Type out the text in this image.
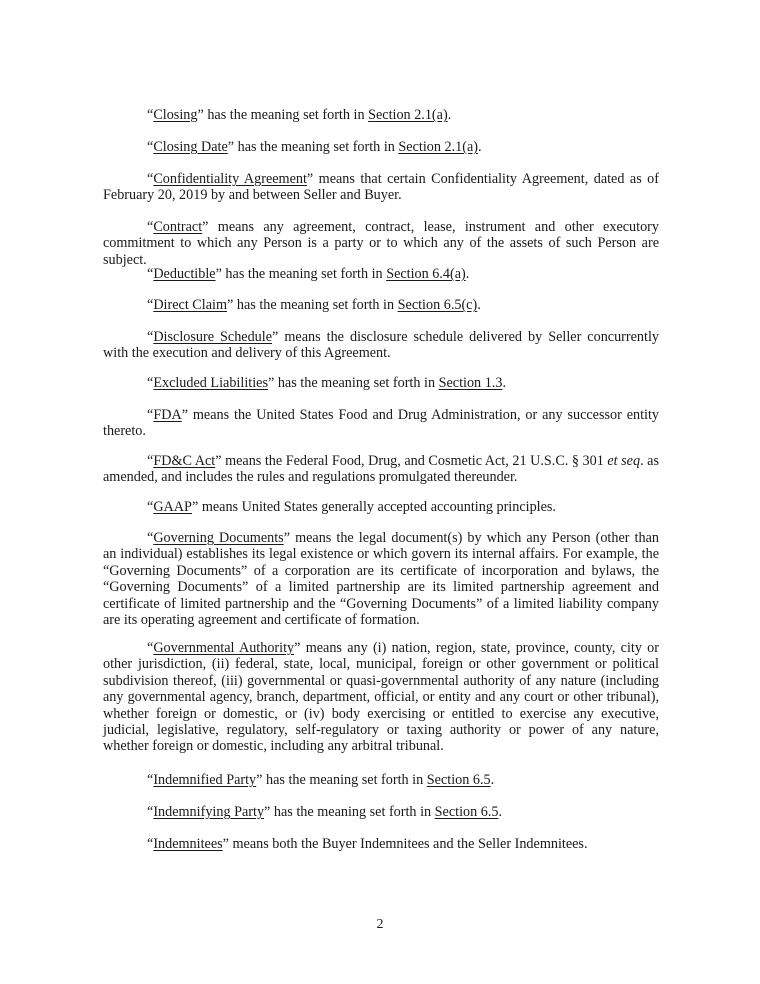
“Closing” has the meaning set forth in Section 2.1(a).

“Closing Date” has the meaning set forth in Section 2.1(a).

“Confidentiality Agreement” means that certain Confidentiality Agreement, dated as of February 20, 2019 by and between Seller and Buyer.

“Contract” means any agreement, contract, lease, instrument and other executory commitment to which any Person is a party or to which any of the assets of such Person are subject.

“Deductible” has the meaning set forth in Section 6.4(a).

“Direct Claim” has the meaning set forth in Section 6.5(c).

“Disclosure Schedule” means the disclosure schedule delivered by Seller concurrently with the execution and delivery of this Agreement.

“Excluded Liabilities” has the meaning set forth in Section 1.3.

“FDA” means the United States Food and Drug Administration, or any successor entity thereto.

“FD&C Act” means the Federal Food, Drug, and Cosmetic Act, 21 U.S.C. § 301 et seq. as amended, and includes the rules and regulations promulgated thereunder.

“GAAP” means United States generally accepted accounting principles.

“Governing Documents” means the legal document(s) by which any Person (other than an individual) establishes its legal existence or which govern its internal affairs. For example, the “Governing Documents” of a corporation are its certificate of incorporation and bylaws, the “Governing Documents” of a limited partnership are its limited partnership agreement and certificate of limited partnership and the “Governing Documents” of a limited liability company are its operating agreement and certificate of formation.

“Governmental Authority” means any (i) nation, region, state, province, county, city or other jurisdiction, (ii) federal, state, local, municipal, foreign or other government or political subdivision thereof, (iii) governmental or quasi-governmental authority of any nature (including any governmental agency, branch, department, official, or entity and any court or other tribunal), whether foreign or domestic, or (iv) body exercising or entitled to exercise any executive, judicial, legislative, regulatory, self-regulatory or taxing authority or power of any nature, whether foreign or domestic, including any arbitral tribunal.

“Indemnified Party” has the meaning set forth in Section 6.5.

“Indemnifying Party” has the meaning set forth in Section 6.5.

“Indemnitees” means both the Buyer Indemnitees and the Seller Indemnitees.

2
